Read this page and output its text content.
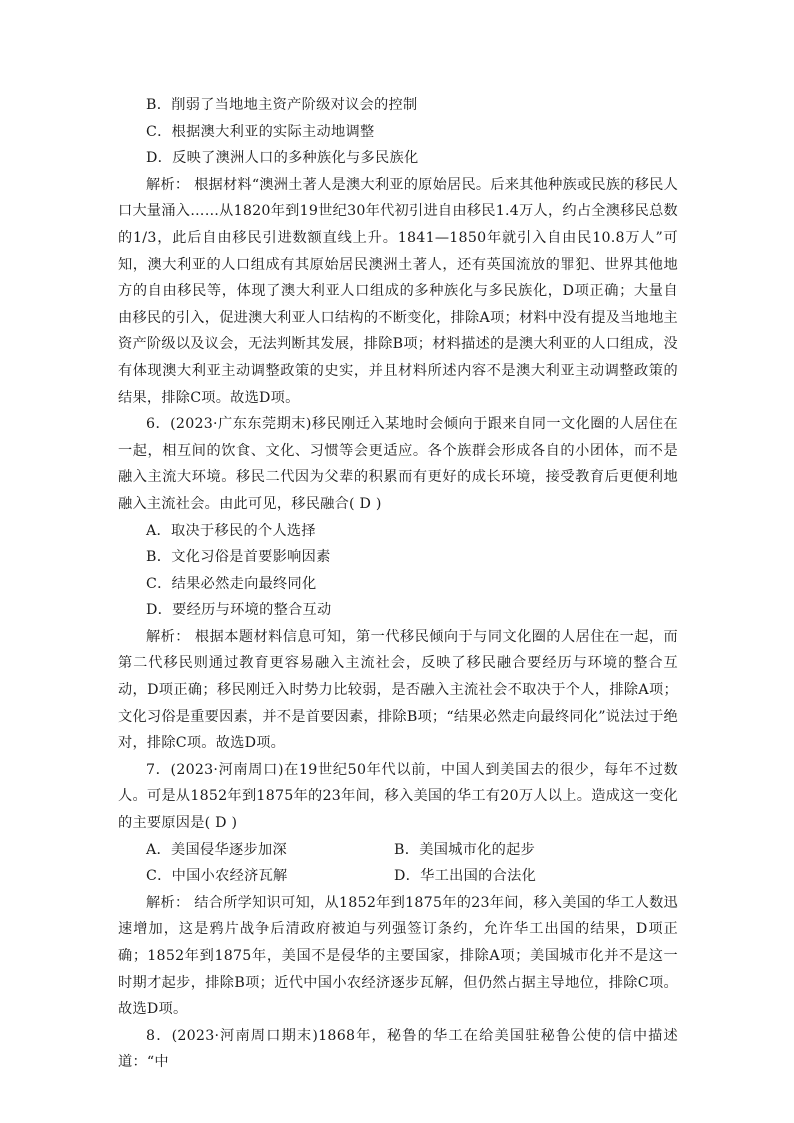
B．削弱了当地地主资产阶级对议会的控制
C．根据澳大利亚的实际主动地调整
D．反映了澳洲人口的多种族化与多民族化
解析： 根据材料“澳洲土著人是澳大利亚的原始居民。后来其他种族或民族的移民人口大量涌入……从1820年到19世纪30年代初引进自由移民1.4万人，约占全澳移民总数的1/3，此后自由移民引进数额直线上升。1841—1850年就引入自由民10.8万人”可知，澳大利亚的人口组成有其原始居民澳洲土著人，还有英国流放的罪犯、世界其他地方的自由移民等，体现了澳大利亚人口组成的多种族化与多民族化，D项正确；大量自由移民的引入，促进澳大利亚人口结构的不断变化，排除A项；材料中没有提及当地地主资产阶级以及议会，无法判断其发展，排除B项；材料描述的是澳大利亚的人口组成，没有体现澳大利亚主动调整政策的史实，并且材料所述内容不是澳大利亚主动调整政策的结果，排除C项。故选D项。
6．(2023·广东东莞期末)移民刚迁入某地时会倾向于跟来自同一文化圈的人居住在一起，相互间的饮食、文化、习惯等会更适应。各个族群会形成各自的小团体，而不是融入主流大环境。移民二代因为父辈的积累而有更好的成长环境，接受教育后更便利地融入主流社会。由此可见，移民融合( D )
A．取决于移民的个人选择
B．文化习俗是首要影响因素
C．结果必然走向最终同化
D．要经历与环境的整合互动
解析： 根据本题材料信息可知，第一代移民倾向于与同文化圈的人居住在一起，而第二代移民则通过教育更容易融入主流社会，反映了移民融合要经历与环境的整合互动，D项正确；移民刚迁入时势力比较弱，是否融入主流社会不取决于个人，排除A项；文化习俗是重要因素，并不是首要因素，排除B项；“结果必然走向最终同化”说法过于绝对，排除C项。故选D项。
7．(2023·河南周口)在19世纪50年代以前，中国人到美国去的很少，每年不过数人。可是从1852年到1875年的23年间，移入美国的华工有20万人以上。造成这一变化的主要原因是( D )
A．美国侵华逐步加深	B．美国城市化的起步
C．中国小农经济瓦解	D．华工出国的合法化
解析： 结合所学知识可知，从1852年到1875年的23年间，移入美国的华工人数迅速增加，这是鸦片战争后清政府被迫与列强签订条约，允许华工出国的结果，D项正确；1852年到1875年，美国不是侵华的主要国家，排除A项；美国城市化并不是这一时期才起步，排除B项；近代中国小农经济逐步瓦解，但仍然占据主导地位，排除C项。故选D项。
8．(2023·河南周口期末)1868年，秘鲁的华工在给美国驻秘鲁公使的信中描述道：“中
